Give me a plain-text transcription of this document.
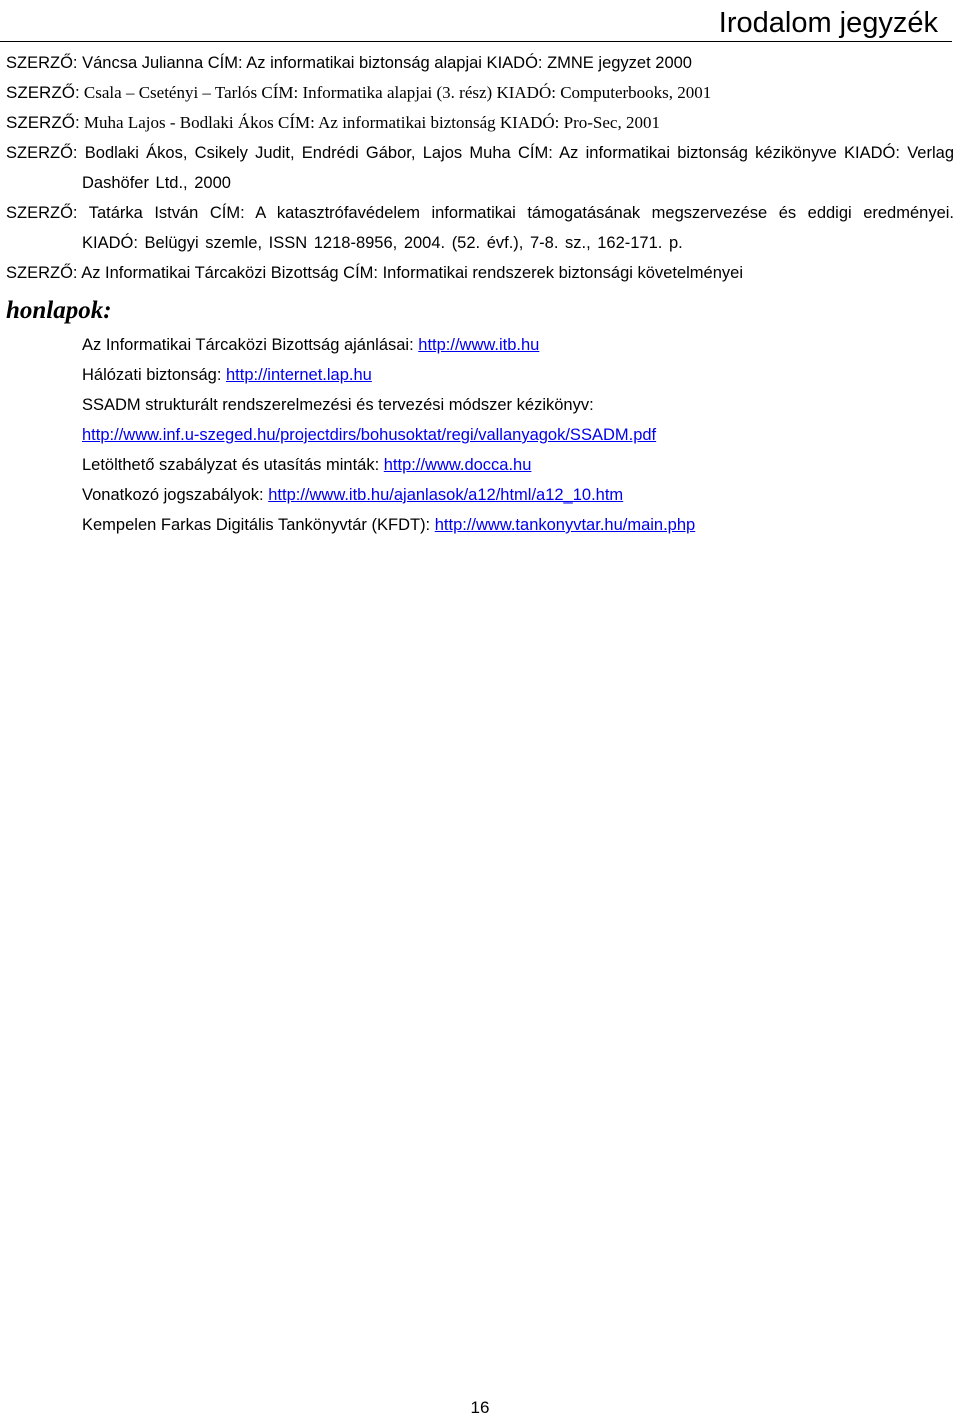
Irodalom jegyzék

SZERZŐ: Váncsa Julianna CÍM: Az informatikai biztonság alapjai KIADÓ: ZMNE jegyzet 2000

SZERZŐ: Csala – Csetényi – Tarlós CÍM: Informatika alapjai (3. rész) KIADÓ: Computerbooks, 2001

SZERZŐ: Muha Lajos - Bodlaki Ákos CÍM: Az informatikai biztonság KIADÓ: Pro-Sec, 2001

SZERZŐ: Bodlaki Ákos, Csikely Judit, Endrédi Gábor, Lajos Muha CÍM: Az informatikai biztonság kézikönyve KIADÓ: Verlag Dashöfer Ltd., 2000

SZERZŐ: Tatárka István CÍM: A katasztrófavédelem informatikai támogatásának megszervezése és eddigi eredményei. KIADÓ: Belügyi szemle, ISSN 1218-8956, 2004. (52. évf.), 7-8. sz., 162-171. p.

SZERZŐ: Az Informatikai Tárcaközi Bizottság CÍM: Informatikai rendszerek biztonsági követelményei

honlapok:

Az Informatikai Tárcaközi Bizottság ajánlásai: http://www.itb.hu

Hálózati biztonság: http://internet.lap.hu

SSADM strukturált rendszerelmezési és tervezési módszer kézikönyv:

http://www.inf.u-szeged.hu/projectdirs/bohusoktat/regi/vallanyagok/SSADM.pdf

Letölthető szabályzat és utasítás minták: http://www.docca.hu

Vonatkozó jogszabályok: http://www.itb.hu/ajanlasok/a12/html/a12_10.htm

Kempelen Farkas Digitális Tankönyvtár (KFDT): http://www.tankonyvtar.hu/main.php

16
